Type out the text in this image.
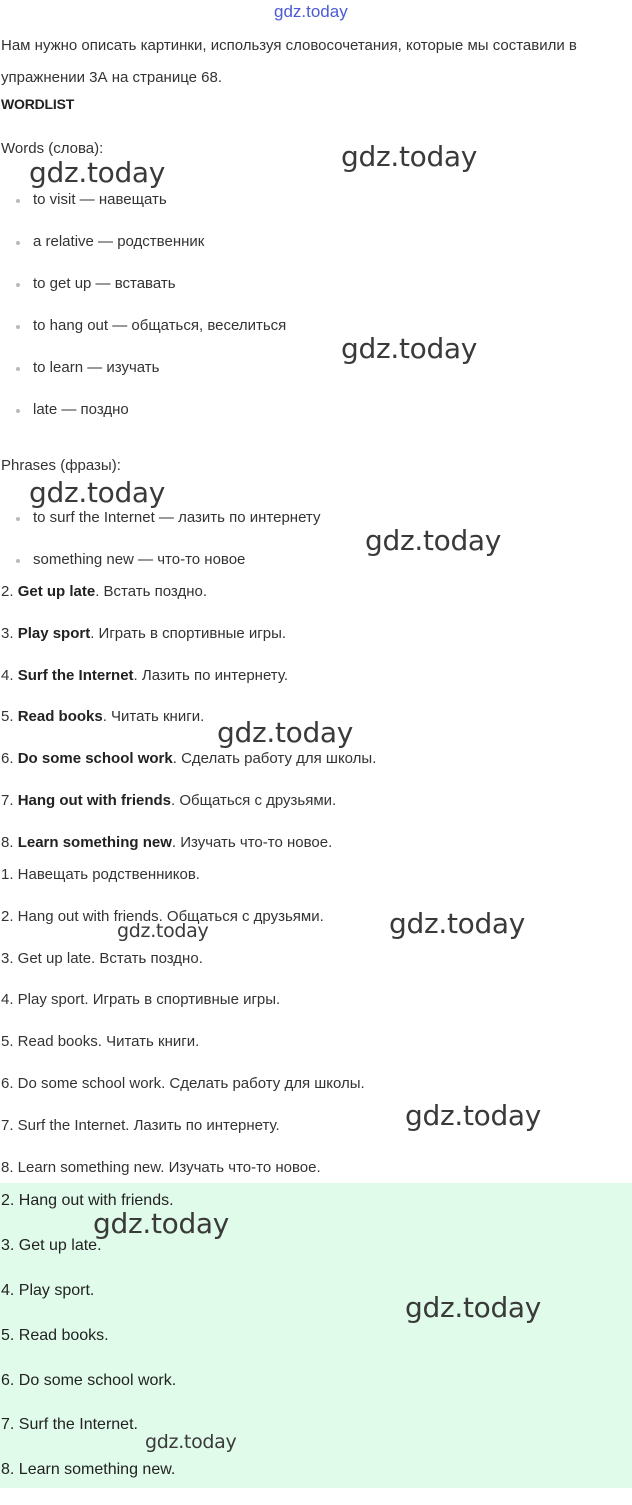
gdz.today
Нам нужно описать картинки, используя словосочетания, которые мы составили в упражнении 3А на странице 68.
WORDLIST
Words (слова):
to visit — навещать
a relative — родственник
to get up — вставать
to hang out — общаться, веселиться
to learn — изучать
late — поздно
Phrases (фразы):
to surf the Internet — лазить по интернету
something new — что-то новое
2. Get up late. Встать поздно.
3. Play sport. Играть в спортивные игры.
4. Surf the Internet. Лазить по интернету.
5. Read books. Читать книги.
6. Do some school work. Сделать работу для школы.
7. Hang out with friends. Общаться с друзьями.
8. Learn something new. Изучать что-то новое.
1. Навещать родственников.
2. Hang out with friends. Общаться с друзьями.
3. Get up late. Встать поздно.
4. Play sport. Играть в спортивные игры.
5. Read books. Читать книги.
6. Do some school work. Сделать работу для школы.
7. Surf the Internet. Лазить по интернету.
8. Learn something new. Изучать что-то новое.
2. Hang out with friends.
3. Get up late.
4. Play sport.
5. Read books.
6. Do some school work.
7. Surf the Internet.
8. Learn something new.
gdz.today
gdz.today
gdz.today
gdz.today
gdz.today
gdz.today
gdz.today
gdz.today
gdz.today
gdz.today
gdz.today
gdz.today
